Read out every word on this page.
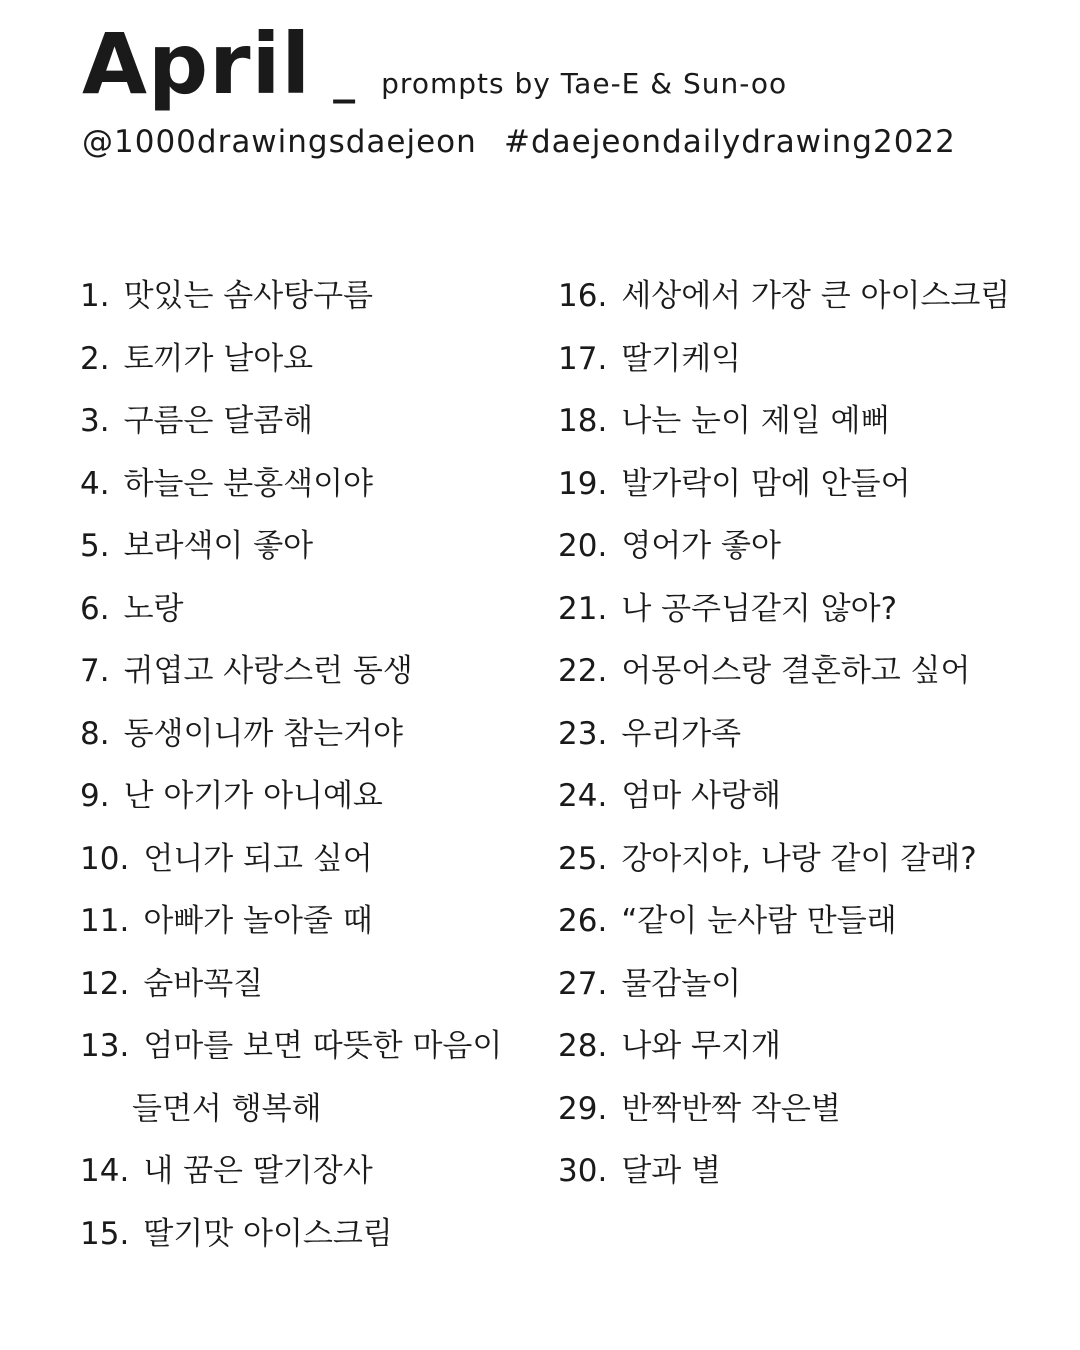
April _ prompts by Tae-E & Sun-oo
@1000drawingsdaejeon #daejeondailydrawing2022
1. 맛있는 솜사탕구름
2. 토끼가 날아요
3. 구름은 달콤해
4. 하늘은 분홍색이야
5. 보라색이 좋아
6. 노랑
7. 귀엽고 사랑스런 동생
8. 동생이니까 참는거야
9. 난 아기가 아니예요
10. 언니가 되고 싶어
11. 아빠가 놀아줄 때
12. 숨바꼭질
13. 엄마를 보면 따뜻한 마음이
들면서 행복해
14. 내 꿈은 딸기장사
15. 딸기맛 아이스크림
16. 세상에서 가장 큰 아이스크림
17. 딸기케익
18. 나는 눈이 제일 예뻐
19. 발가락이 맘에 안들어
20. 영어가 좋아
21. 나 공주님같지 않아?
22. 어몽어스랑 결혼하고 싶어
23. 우리가족
24. 엄마 사랑해
25. 강아지야, 나랑 같이 갈래?
26. “같이 눈사람 만들래
27. 물감놀이
28. 나와 무지개
29. 반짝반짝 작은별
30. 달과 별
